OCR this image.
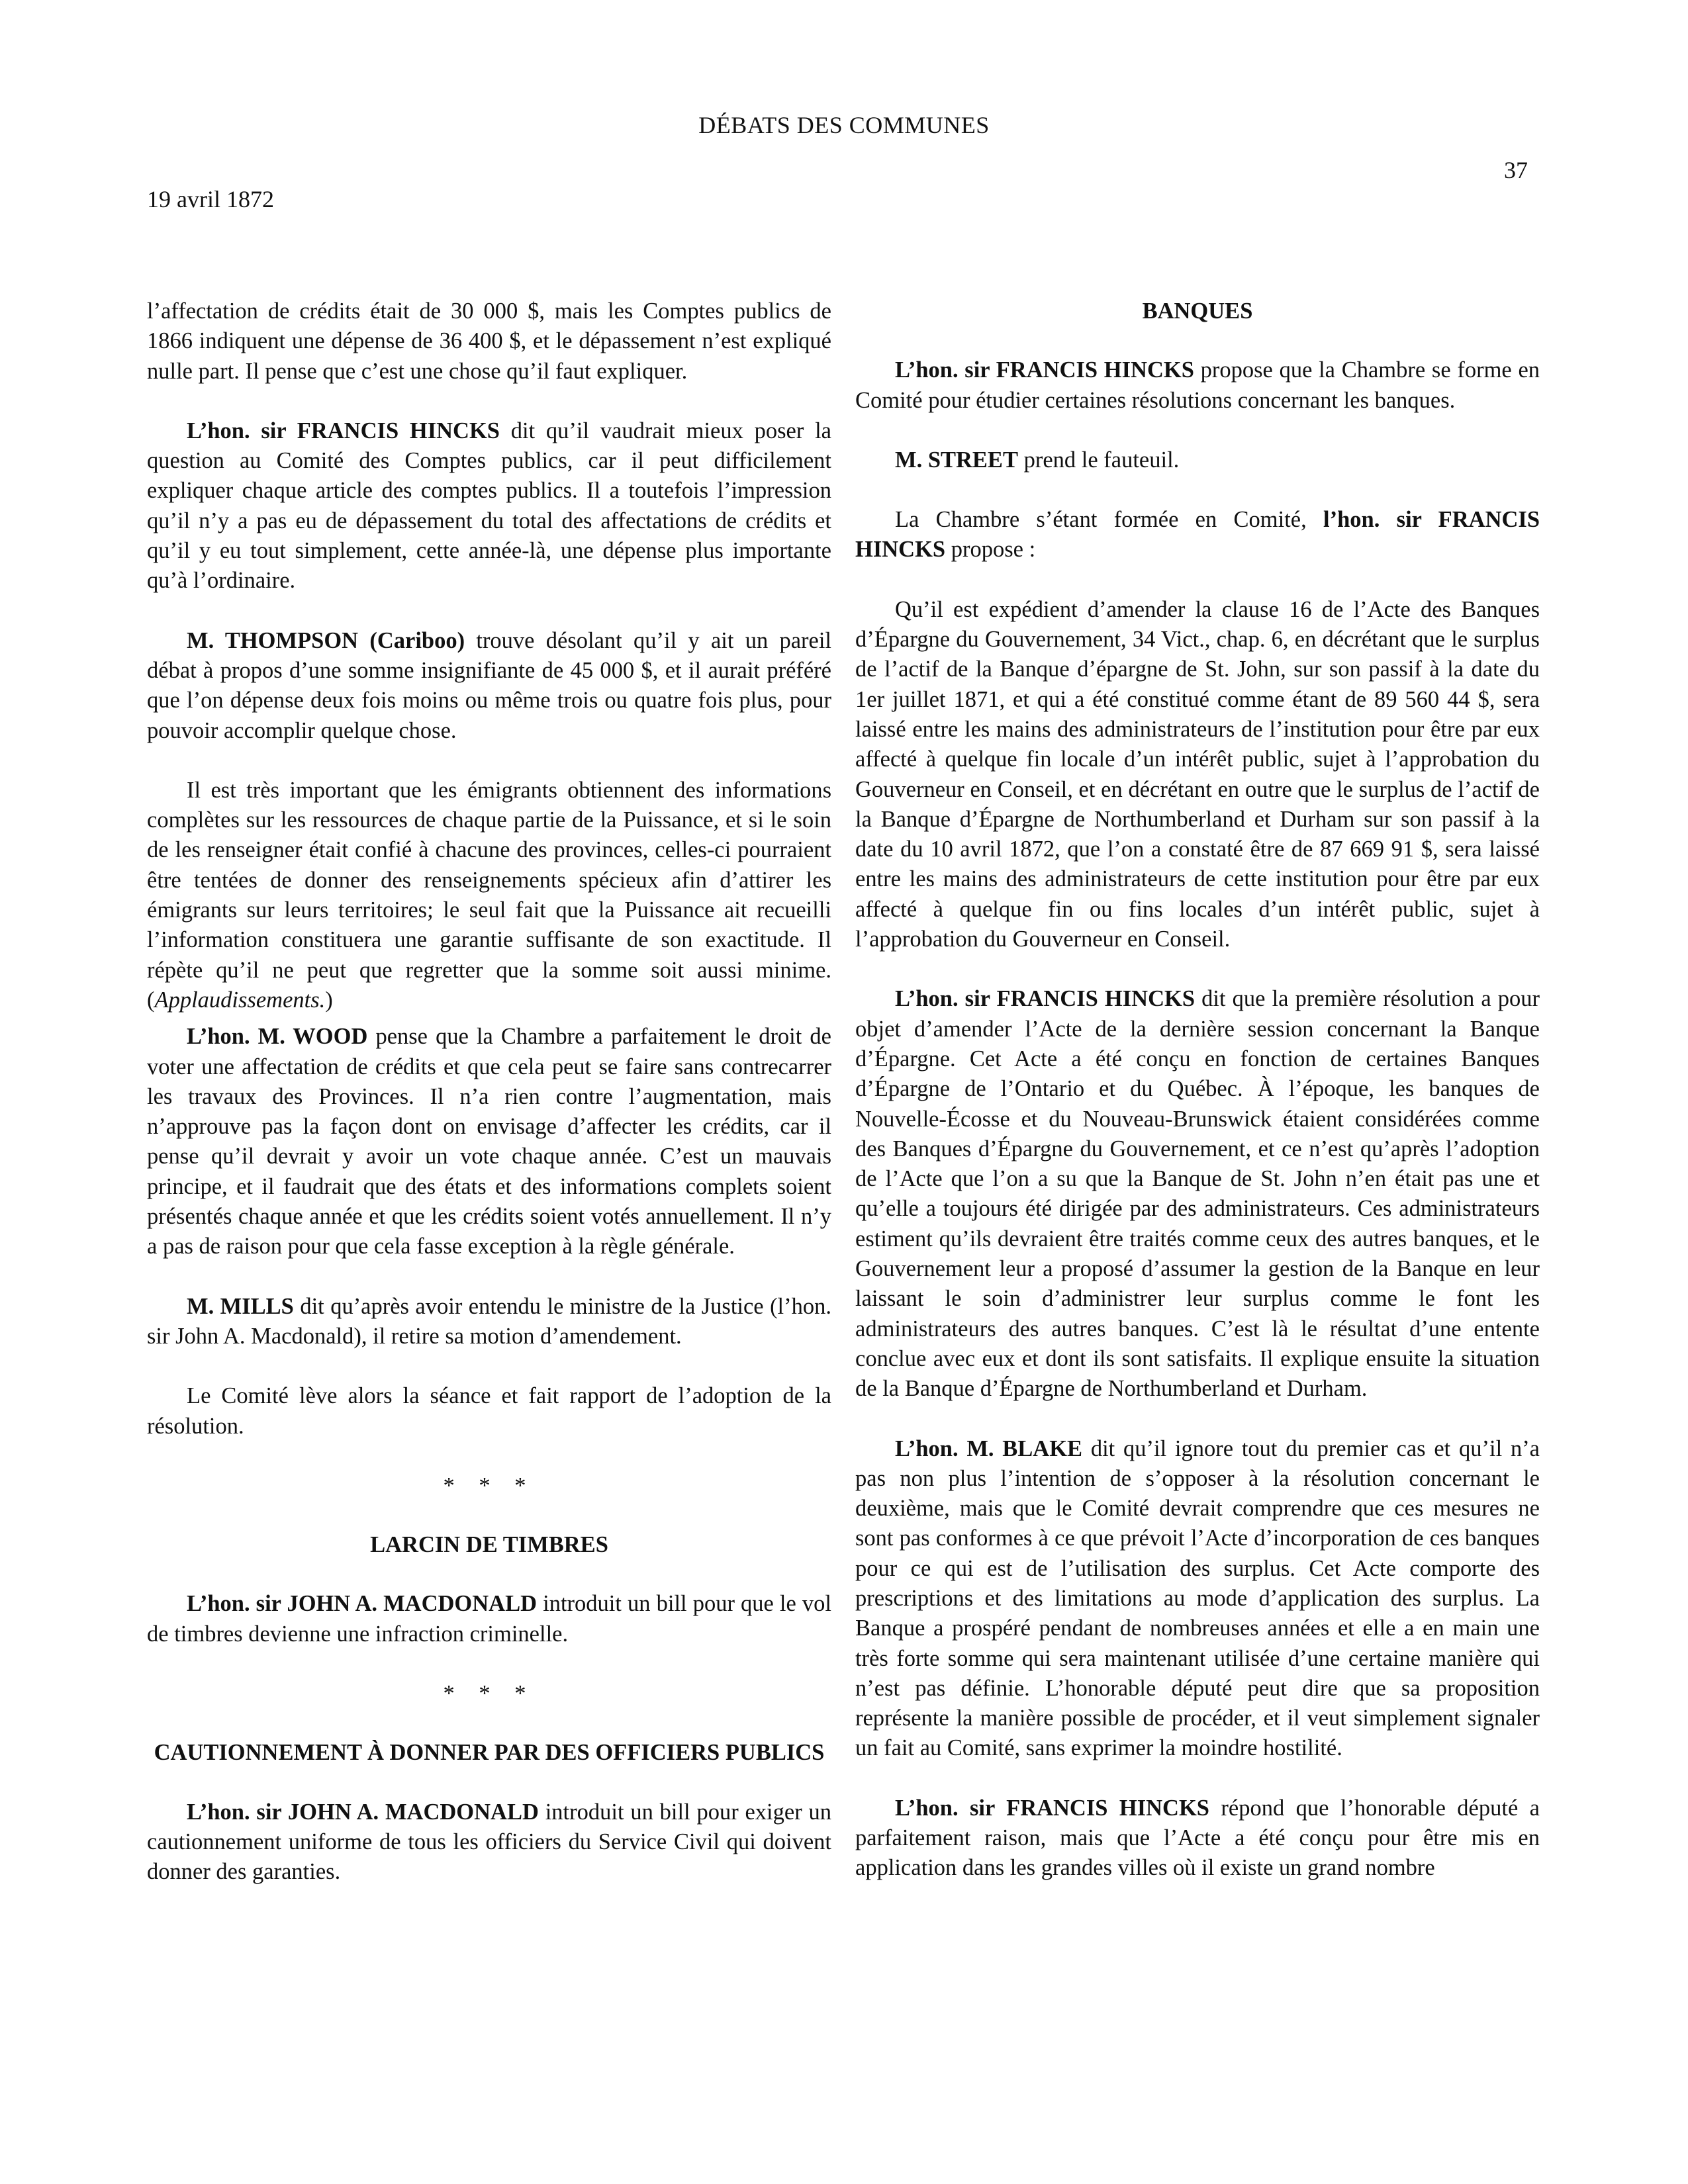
DÉBATS DES COMMUNES
37
19 avril 1872

l’affectation de crédits était de 30 000 $, mais les Comptes publics de 1866 indiquent une dépense de 36 400 $, et le dépassement n’est expliqué nulle part. Il pense que c’est une chose qu’il faut expliquer.

L’hon. sir FRANCIS HINCKS dit qu’il vaudrait mieux poser la question au Comité des Comptes publics, car il peut difficilement expliquer chaque article des comptes publics. Il a toutefois l’impression qu’il n’y a pas eu de dépassement du total des affectations de crédits et qu’il y eu tout simplement, cette année-là, une dépense plus importante qu’à l’ordinaire.

M. THOMPSON (Cariboo) trouve désolant qu’il y ait un pareil débat à propos d’une somme insignifiante de 45 000 $, et il aurait préféré que l’on dépense deux fois moins ou même trois ou quatre fois plus, pour pouvoir accomplir quelque chose.

Il est très important que les émigrants obtiennent des informations complètes sur les ressources de chaque partie de la Puissance, et si le soin de les renseigner était confié à chacune des provinces, celles-ci pourraient être tentées de donner des renseignements spécieux afin d’attirer les émigrants sur leurs territoires; le seul fait que la Puissance ait recueilli l’information constituera une garantie suffisante de son exactitude. Il répète qu’il ne peut que regretter que la somme soit aussi minime. (Applaudissements.)

L’hon. M. WOOD pense que la Chambre a parfaitement le droit de voter une affectation de crédits et que cela peut se faire sans contrecarrer les travaux des Provinces. Il n’a rien contre l’augmentation, mais n’approuve pas la façon dont on envisage d’affecter les crédits, car il pense qu’il devrait y avoir un vote chaque année. C’est un mauvais principe, et il faudrait que des états et des informations complets soient présentés chaque année et que les crédits soient votés annuellement. Il n’y a pas de raison pour que cela fasse exception à la règle générale.

M. MILLS dit qu’après avoir entendu le ministre de la Justice (l’hon. sir John A. Macdonald), il retire sa motion d’amendement.

Le Comité lève alors la séance et fait rapport de l’adoption de la résolution.

* * *
LARCIN DE TIMBRES

L’hon. sir JOHN A. MACDONALD introduit un bill pour que le vol de timbres devienne une infraction criminelle.

* * *
CAUTIONNEMENT À DONNER PAR DES OFFICIERS PUBLICS

L’hon. sir JOHN A. MACDONALD introduit un bill pour exiger un cautionnement uniforme de tous les officiers du Service Civil qui doivent donner des garanties.

BANQUES

L’hon. sir FRANCIS HINCKS propose que la Chambre se forme en Comité pour étudier certaines résolutions concernant les banques.

M. STREET prend le fauteuil.

La Chambre s’étant formée en Comité, l’hon. sir FRANCIS HINCKS propose :

Qu’il est expédient d’amender la clause 16 de l’Acte des Banques d’Épargne du Gouvernement, 34 Vict., chap. 6, en décrétant que le surplus de l’actif de la Banque d’épargne de St. John, sur son passif à la date du 1er juillet 1871, et qui a été constitué comme étant de 89 560 44 $, sera laissé entre les mains des administrateurs de l’institution pour être par eux affecté à quelque fin locale d’un intérêt public, sujet à l’approbation du Gouverneur en Conseil, et en décrétant en outre que le surplus de l’actif de la Banque d’Épargne de Northumberland et Durham sur son passif à la date du 10 avril 1872, que l’on a constaté être de 87 669 91 $, sera laissé entre les mains des administrateurs de cette institution pour être par eux affecté à quelque fin ou fins locales d’un intérêt public, sujet à l’approbation du Gouverneur en Conseil.

L’hon. sir FRANCIS HINCKS dit que la première résolution a pour objet d’amender l’Acte de la dernière session concernant la Banque d’Épargne. Cet Acte a été conçu en fonction de certaines Banques d’Épargne de l’Ontario et du Québec. À l’époque, les banques de Nouvelle-Écosse et du Nouveau-Brunswick étaient considérées comme des Banques d’Épargne du Gouvernement, et ce n’est qu’après l’adoption de l’Acte que l’on a su que la Banque de St. John n’en était pas une et qu’elle a toujours été dirigée par des administrateurs. Ces administrateurs estiment qu’ils devraient être traités comme ceux des autres banques, et le Gouvernement leur a proposé d’assumer la gestion de la Banque en leur laissant le soin d’administrer leur surplus comme le font les administrateurs des autres banques. C’est là le résultat d’une entente conclue avec eux et dont ils sont satisfaits. Il explique ensuite la situation de la Banque d’Épargne de Northumberland et Durham.

L’hon. M. BLAKE dit qu’il ignore tout du premier cas et qu’il n’a pas non plus l’intention de s’opposer à la résolution concernant le deuxième, mais que le Comité devrait comprendre que ces mesures ne sont pas conformes à ce que prévoit l’Acte d’incorporation de ces banques pour ce qui est de l’utilisation des surplus. Cet Acte comporte des prescriptions et des limitations au mode d’application des surplus. La Banque a prospéré pendant de nombreuses années et elle a en main une très forte somme qui sera maintenant utilisée d’une certaine manière qui n’est pas définie. L’honorable député peut dire que sa proposition représente la manière possible de procéder, et il veut simplement signaler un fait au Comité, sans exprimer la moindre hostilité.

L’hon. sir FRANCIS HINCKS répond que l’honorable député a parfaitement raison, mais que l’Acte a été conçu pour être mis en application dans les grandes villes où il existe un grand nombre
